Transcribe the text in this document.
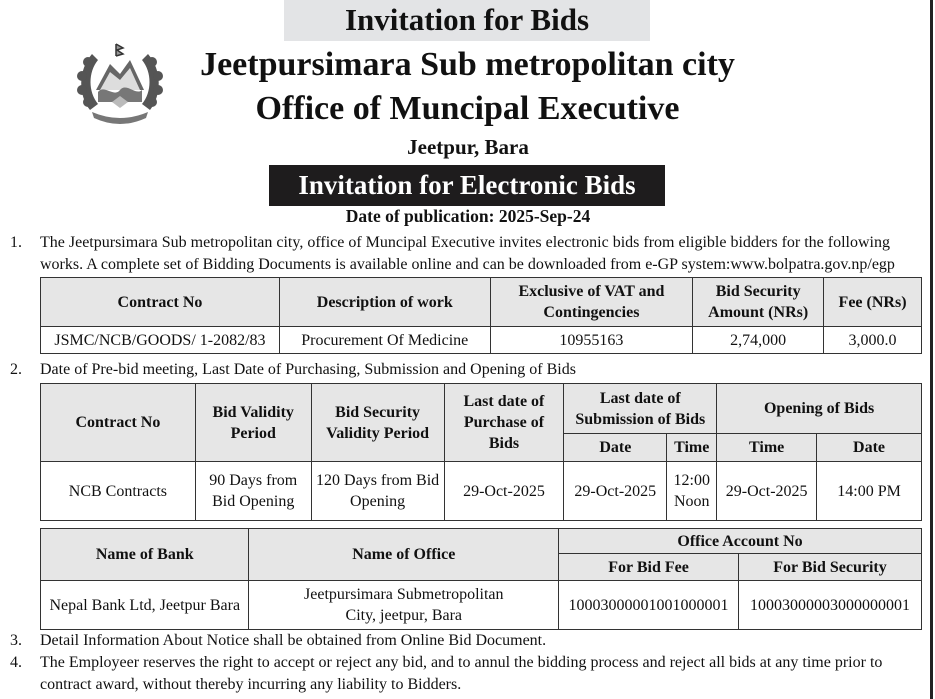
Invitation for Bids
Jeetpursimara Sub metropolitan city
Office of Muncipal Executive
Jeetpur, Bara
Invitation for Electronic Bids
Date of publication: 2025-Sep-24
1.	The Jeetpursimara Sub metropolitan city, office of Muncipal Executive invites electronic bids from eligible bidders for the following
works. A complete set of Bidding Documents is available online and can be downloaded from e-GP system:www.bolpatra.gov.np/egp
Contract No	Description of work	Exclusive of VAT and Contingencies	Bid Security Amount (NRs)	Fee (NRs)
JSMC/NCB/GOODS/ 1-2082/83	Procurement Of Medicine	10955163	2,74,000	3,000.0
2.	Date of Pre-bid meeting, Last Date of Purchasing, Submission and Opening of Bids
Contract No	Bid Validity Period	Bid Security Validity Period	Last date of Purchase of Bids	Last date of Submission of Bids		Opening of Bids	
				Date	Time	Time	Date
NCB Contracts	90 Days from Bid Opening	120 Days from Bid Opening	29-Oct-2025	29-Oct-2025	12:00 Noon	29-Oct-2025	14:00 PM
Name of Bank	Name of Office	Office Account No	
		For Bid Fee	For Bid Security
Nepal Bank Ltd, Jeetpur Bara	Jeetpursimara Submetropolitan City, jeetpur, Bara	10003000001001000001	10003000003000000001
3.	Detail Information About Notice shall be obtained from Online Bid Document.
4.	The Employeer reserves the right to accept or reject any bid, and to annul the bidding process and reject all bids at any time prior to
contract award, without thereby incurring any liability to Bidders.
